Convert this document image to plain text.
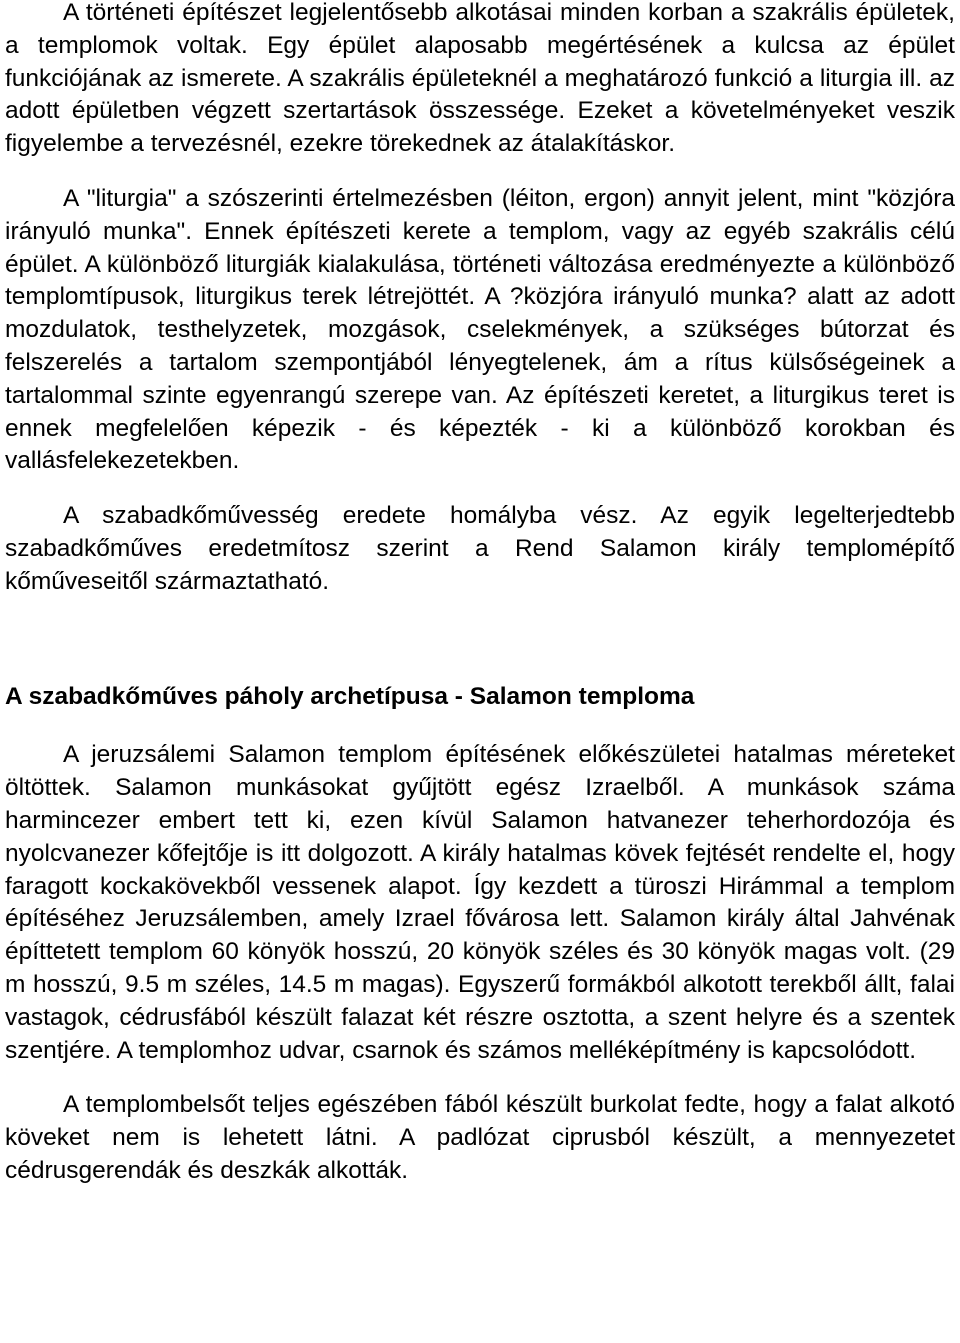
A történeti építészet legjelentősebb alkotásai minden korban a szakrális épületek, a templomok voltak. Egy épület alaposabb megértésének a kulcsa az épület funkciójának az ismerete. A szakrális épületeknél a meghatározó funkció a liturgia ill. az adott épületben végzett szertartások összessége. Ezeket a követelményeket veszik figyelembe a tervezésnél, ezekre törekednek az átalakításkor.

A "liturgia" a szószerinti értelmezésben (léiton, ergon) annyit jelent, mint "közjóra irányuló munka". Ennek építészeti kerete a templom, vagy az egyéb szakrális célú épület. A különböző liturgiák kialakulása, történeti változása eredményezte a különböző templomtípusok, liturgikus terek létrejöttét. A ?közjóra irányuló munka? alatt az adott mozdulatok, testhelyzetek, mozgások, cselekmények, a szükséges bútorzat és felszerelés a tartalom szempontjából lényegtelenek, ám a rítus külsőségeinek a tartalommal szinte egyenrangú szerepe van. Az építészeti keretet, a liturgikus teret is ennek megfelelően képezik - és képezték - ki a különböző korokban és vallásfelekezetekben.

A szabadkőművesség eredete homályba vész. Az egyik legelterjedtebb szabadkőműves eredetmítosz szerint a Rend Salamon király templomépítő kőműveseitől származtatható.

A szabadkőműves páholy archetípusa - Salamon temploma

A jeruzsálemi Salamon templom építésének előkészületei hatalmas méreteket öltöttek. Salamon munkásokat gyűjtött egész Izraelből. A munkások száma harmincezer embert tett ki, ezen kívül Salamon hatvanezer teherhordozója és nyolcvanezer kőfejtője is itt dolgozott. A király hatalmas kövek fejtését rendelte el, hogy faragott kockakövekből vessenek alapot. Így kezdett a türoszi Hirámmal a templom építéséhez Jeruzsálemben, amely Izrael fővárosa lett. Salamon király által Jahvénak építtetett templom 60 könyök hosszú, 20 könyök széles és 30 könyök magas volt. (29 m hosszú, 9.5 m széles, 14.5 m magas). Egyszerű formákból alkotott terekből állt, falai vastagok, cédrusfából készült falazat két részre osztotta, a szent helyre és a szentek szentjére. A templomhoz udvar, csarnok és számos melléképítmény is kapcsolódott.

A templombelsőt teljes egészében fából készült burkolat fedte, hogy a falat alkotó köveket nem is lehetett látni. A padlózat ciprusból készült, a mennyezetet cédrusgerendák és deszkák alkották.
